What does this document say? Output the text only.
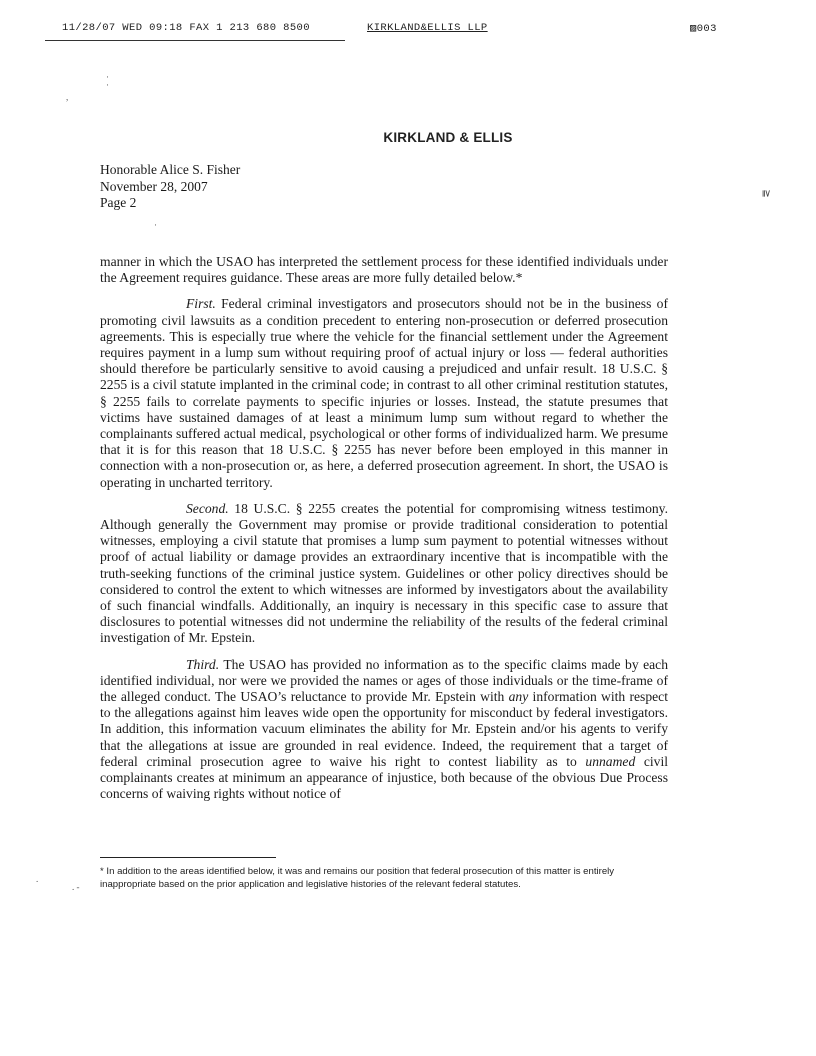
11/28/07 WED 09:18 FAX 1 213 680 8500	KIRKLAND&ELLIS LLP	▨003
·
·
,
·
KIRKLAND & ELLIS
Honorable Alice S. Fisher
November 28, 2007
Page 2
≧

manner in which the USAO has interpreted the settlement process for these identified individuals under the Agreement requires guidance. These areas are more fully detailed below.*

First. Federal criminal investigators and prosecutors should not be in the business of promoting civil lawsuits as a condition precedent to entering non-prosecution or deferred prosecution agreements. This is especially true where the vehicle for the financial settlement under the Agreement requires payment in a lump sum without requiring proof of actual injury or loss — federal authorities should therefore be particularly sensitive to avoid causing a prejudiced and unfair result. 18 U.S.C. § 2255 is a civil statute implanted in the criminal code; in contrast to all other criminal restitution statutes, § 2255 fails to correlate payments to specific injuries or losses. Instead, the statute presumes that victims have sustained damages of at least a minimum lump sum without regard to whether the complainants suffered actual medical, psychological or other forms of individualized harm. We presume that it is for this reason that 18 U.S.C. § 2255 has never before been employed in this manner in connection with a non-prosecution or, as here, a deferred prosecution agreement. In short, the USAO is operating in uncharted territory.

Second. 18 U.S.C. § 2255 creates the potential for compromising witness testimony. Although generally the Government may promise or provide traditional consideration to potential witnesses, employing a civil statute that promises a lump sum payment to potential witnesses without proof of actual liability or damage provides an extraordinary incentive that is incompatible with the truth-seeking functions of the criminal justice system. Guidelines or other policy directives should be considered to control the extent to which witnesses are informed by investigators about the availability of such financial windfalls. Additionally, an inquiry is necessary in this specific case to assure that disclosures to potential witnesses did not undermine the reliability of the results of the federal criminal investigation of Mr. Epstein.

Third. The USAO has provided no information as to the specific claims made by each identified individual, nor were we provided the names or ages of those individuals or the time-frame of the alleged conduct. The USAO’s reluctance to provide Mr. Epstein with any information with respect to the allegations against him leaves wide open the opportunity for misconduct by federal investigators. In addition, this information vacuum eliminates the ability for Mr. Epstein and/or his agents to verify that the allegations at issue are grounded in real evidence. Indeed, the requirement that a target of federal criminal prosecution agree to waive his right to contest liability as to unnamed civil complainants creates at minimum an appearance of injustice, both because of the obvious Due Process concerns of waiving rights without notice of

* In addition to the areas identified below, it was and remains our position that federal prosecution of this matter is entirely inappropriate based on the prior application and legislative histories of the relevant federal statutes.
.
. -
